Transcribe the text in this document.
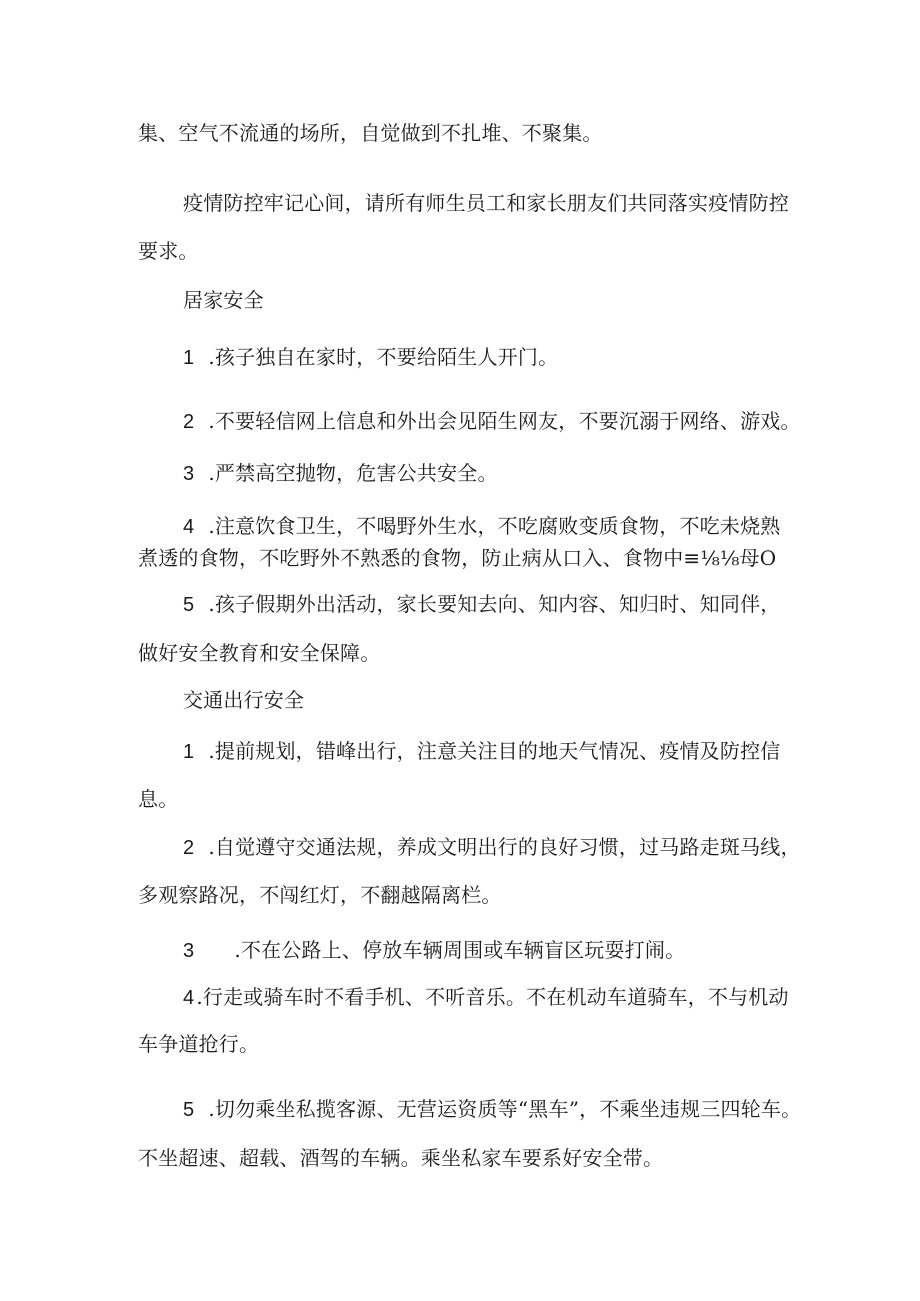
集、空气不流通的场所，自觉做到不扎堆、不聚集。

疫情防控牢记心间，请所有师生员工和家长朋友们共同落实疫情防控

要求。

居家安全

1 .孩子独自在家时，不要给陌生人开门。
2 .不要轻信网上信息和外出会见陌生网友，不要沉溺于网络、游戏。
3 .严禁高空抛物，危害公共安全。
4 .注意饮食卫生，不喝野外生水，不吃腐败变质食物，不吃未烧熟

煮透的食物，不吃野外不熟悉的食物，防止病从口入、食物中≡⅛⅛母O

5 .孩子假期外出活动，家长要知去向、知内容、知归时、知同伴，

做好安全教育和安全保障。

交通出行安全

1 .提前规划，错峰出行，注意关注目的地天气情况、疫情及防控信

息。

2 .自觉遵守交通法规，养成文明出行的良好习惯，过马路走斑马线，

多观察路况，不闯红灯，不翻越隔离栏。

3 .不在公路上、停放车辆周围或车辆盲区玩耍打闹。
4 .行走或骑车时不看手机、不听音乐。不在机动车道骑车，不与机动

车争道抢行。

5 .切勿乘坐私揽客源、无营运资质等“黑车”，不乘坐违规三四轮车。

不坐超速、超载、酒驾的车辆。乘坐私家车要系好安全带。
